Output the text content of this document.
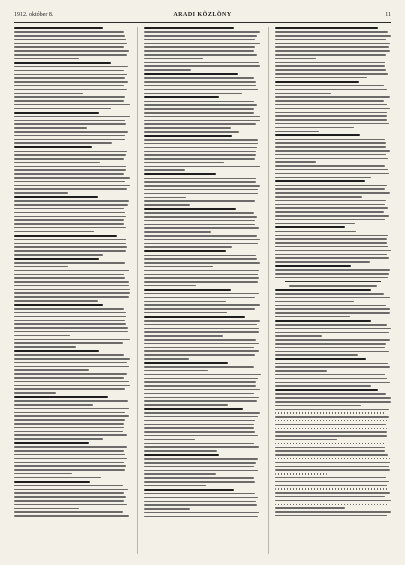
1912. október 8.	ARADI KÖZLÖNY	11
